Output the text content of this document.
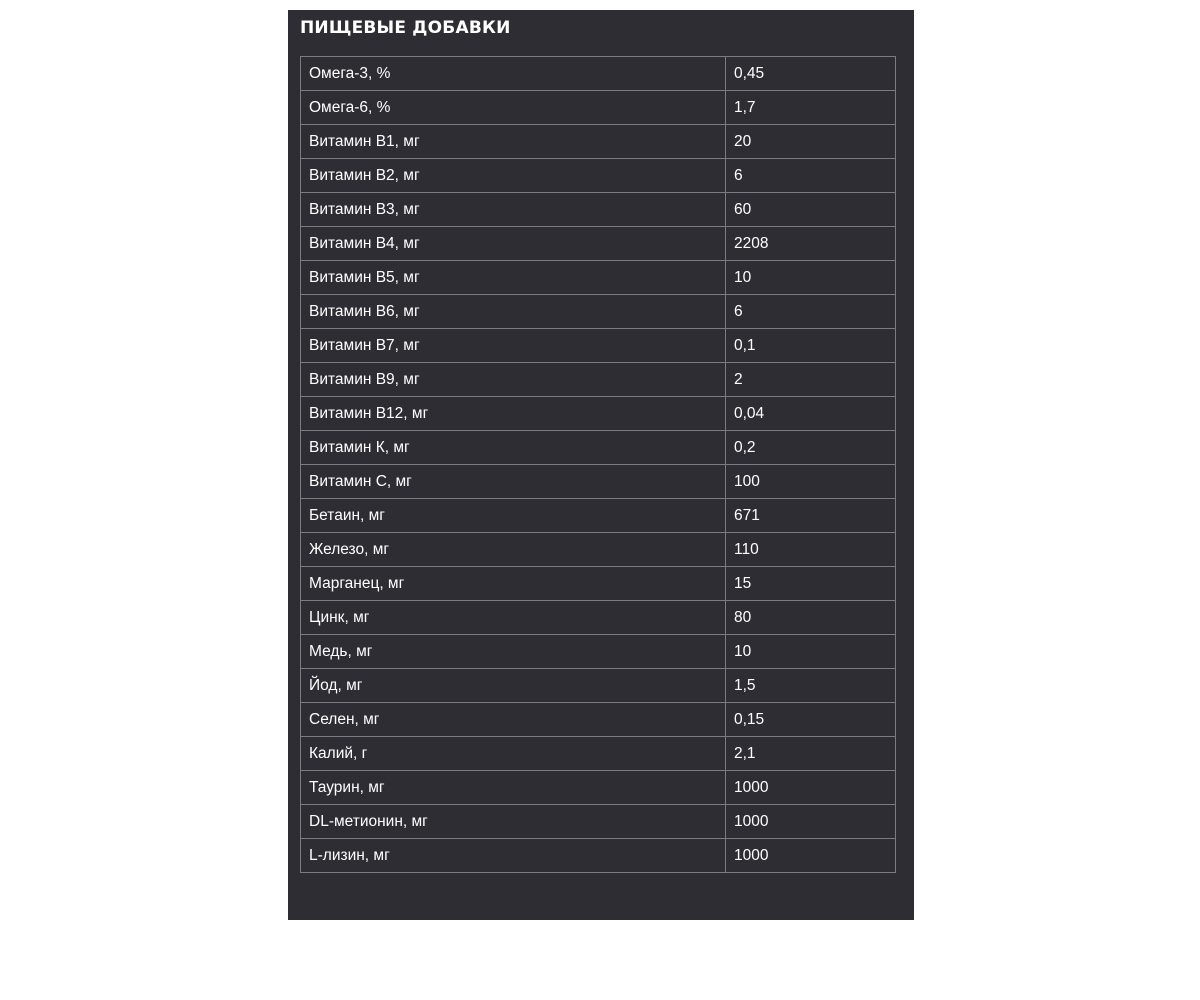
ПИЩЕВЫЕ ДОБАВКИ
Омега-3, %	0,45
Омега-6, %	1,7
Витамин B1, мг	20
Витамин B2, мг	6
Витамин B3, мг	60
Витамин B4, мг	2208
Витамин B5, мг	10
Витамин B6, мг	6
Витамин B7, мг	0,1
Витамин B9, мг	2
Витамин B12, мг	0,04
Витамин К, мг	0,2
Витамин С, мг	100
Бетаин, мг	671
Железо, мг	110
Марганец, мг	15
Цинк, мг	80
Медь, мг	10
Йод, мг	1,5
Селен, мг	0,15
Калий, г	2,1
Таурин, мг	1000
DL-метионин, мг	1000
L-лизин, мг	1000
